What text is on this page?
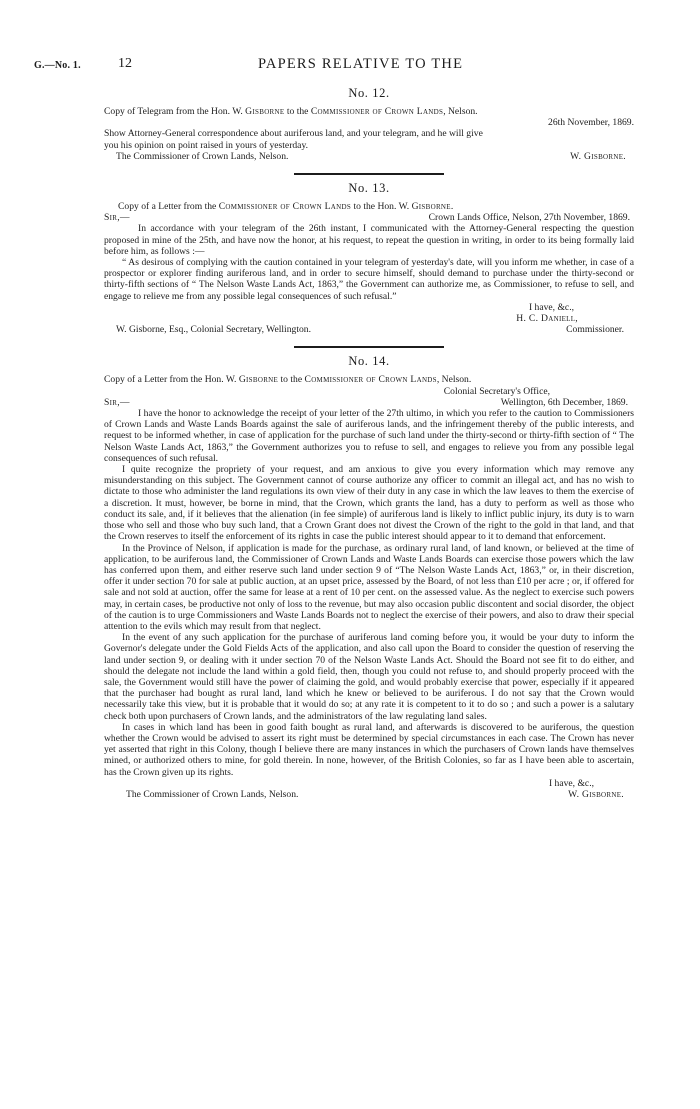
G.—No. 1.	12	PAPERS RELATIVE TO THE
No. 12.
Copy of Telegram from the Hon. W. Gisborne to the Commissioner of Crown Lands, Nelson.
26th November, 1869.
Show Attorney-General correspondence about auriferous land, and your telegram, and he will give
you his opinion on point raised in yours of yesterday.
The Commissioner of Crown Lands, Nelson.	W. Gisborne.
No. 13.
Copy of a Letter from the Commissioner of Crown Lands to the Hon. W. Gisborne.
Sir,—	Crown Lands Office, Nelson, 27th November, 1869.

In accordance with your telegram of the 26th instant, I communicated with the Attorney-General respecting the question proposed in mine of the 25th, and have now the honor, at his request, to repeat the question in writing, in order to its being formally laid before him, as follows :—

“ As desirous of complying with the caution contained in your telegram of yesterday's date, will you inform me whether, in case of a prospector or explorer finding auriferous land, and in order to secure himself, should demand to purchase under the thirty-second or thirty-fifth sections of “ The Nelson Waste Lands Act, 1863,” the Government can authorize me, as Commissioner, to refuse to sell, and engage to relieve me from any possible legal consequences of such refusal.”

I have, &c.,
H. C. Daniell,
W. Gisborne, Esq., Colonial Secretary, Wellington.	Commissioner.
No. 14.
Copy of a Letter from the Hon. W. Gisborne to the Commissioner of Crown Lands, Nelson.
Colonial Secretary's Office,
Sir,—	Wellington, 6th December, 1869.

I have the honor to acknowledge the receipt of your letter of the 27th ultimo, in which you refer to the caution to Commissioners of Crown Lands and Waste Lands Boards against the sale of auriferous lands, and the infringement thereby of the public interests, and request to be informed whether, in case of application for the purchase of such land under the thirty-second or thirty-fifth section of “ The Nelson Waste Lands Act, 1863,” the Government authorizes you to refuse to sell, and engages to relieve you from any possible legal consequences of such refusal.

I quite recognize the propriety of your request, and am anxious to give you every information which may remove any misunderstanding on this subject. The Government cannot of course authorize any officer to commit an illegal act, and has no wish to dictate to those who administer the land regulations its own view of their duty in any case in which the law leaves to them the exercise of a discretion. It must, however, be borne in mind, that the Crown, which grants the land, has a duty to perform as well as those who conduct its sale, and, if it believes that the alienation (in fee simple) of auriferous land is likely to inflict public injury, its duty is to warn those who sell and those who buy such land, that a Crown Grant does not divest the Crown of the right to the gold in that land, and that the Crown reserves to itself the enforcement of its rights in case the public interest should appear to it to demand that enforcement.

In the Province of Nelson, if application is made for the purchase, as ordinary rural land, of land known, or believed at the time of application, to be auriferous land, the Commissioner of Crown Lands and Waste Lands Boards can exercise those powers which the law has conferred upon them, and either reserve such land under section 9 of “The Nelson Waste Lands Act, 1863,” or, in their discretion, offer it under section 70 for sale at public auction, at an upset price, assessed by the Board, of not less than £10 per acre ; or, if offered for sale and not sold at auction, offer the same for lease at a rent of 10 per cent. on the assessed value. As the neglect to exercise such powers may, in certain cases, be productive not only of loss to the revenue, but may also occasion public discontent and social disorder, the object of the caution is to urge Commissioners and Waste Lands Boards not to neglect the exercise of their powers, and also to draw their special attention to the evils which may result from that neglect.

In the event of any such application for the purchase of auriferous land coming before you, it would be your duty to inform the Governor's delegate under the Gold Fields Acts of the application, and also call upon the Board to consider the question of reserving the land under section 9, or dealing with it under section 70 of the Nelson Waste Lands Act. Should the Board not see fit to do either, and should the delegate not include the land within a gold field, then, though you could not refuse to, and should properly proceed with the sale, the Government would still have the power of claiming the gold, and would probably exercise that power, especially if it appeared that the purchaser had bought as rural land, land which he knew or believed to be auriferous. I do not say that the Crown would necessarily take this view, but it is probable that it would do so; at any rate it is competent to it to do so ; and such a power is a salutary check both upon purchasers of Crown lands, and the administrators of the law regulating land sales.

In cases in which land has been in good faith bought as rural land, and afterwards is discovered to be auriferous, the question whether the Crown would be advised to assert its right must be determined by special circumstances in each case. The Crown has never yet asserted that right in this Colony, though I believe there are many instances in which the purchasers of Crown lands have themselves mined, or authorized others to mine, for gold therein. In none, however, of the British Colonies, so far as I have been able to ascertain, has the Crown given up its rights.

I have, &c.,
The Commissioner of Crown Lands, Nelson.	W. Gisborne.
